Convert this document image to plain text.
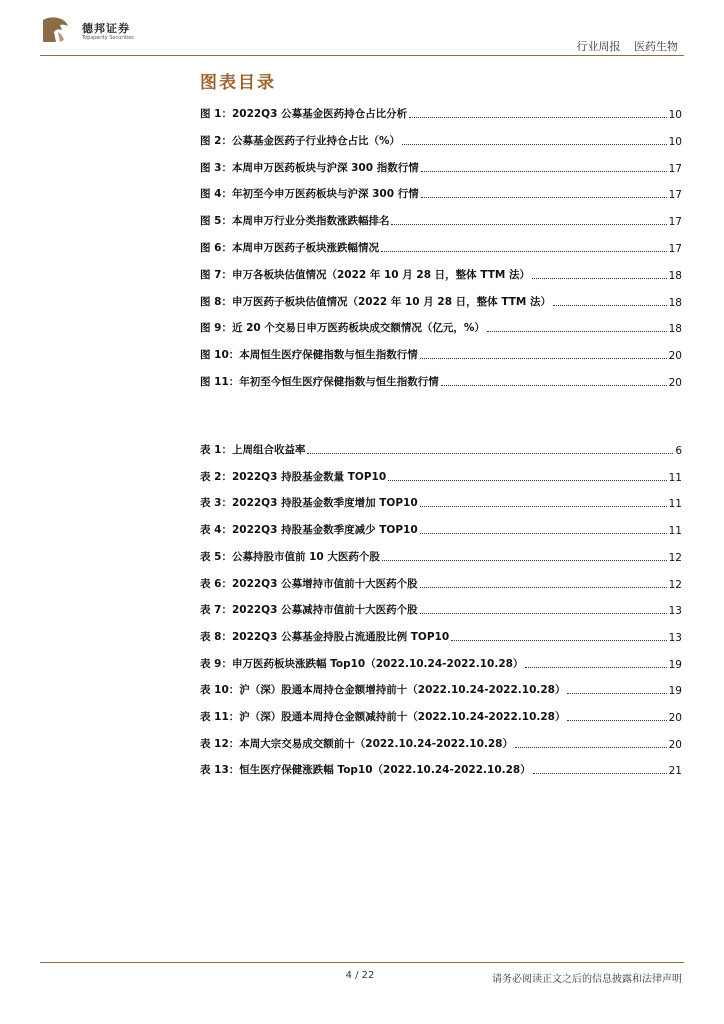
德邦证券
Topsperity Securities
行业周报 医药生物
图表目录
图 1：2022Q3 公募基金医药持仓占比分析	10
图 2：公募基金医药子行业持仓占比（%）	10
图 3：本周申万医药板块与沪深 300 指数行情	17
图 4：年初至今申万医药板块与沪深 300 行情	17
图 5：本周申万行业分类指数涨跌幅排名	17
图 6：本周申万医药子板块涨跌幅情况	17
图 7：申万各板块估值情况（2022 年 10 月 28 日，整体 TTM 法）	18
图 8：申万医药子板块估值情况（2022 年 10 月 28 日，整体 TTM 法）	18
图 9：近 20 个交易日申万医药板块成交额情况（亿元，%）	18
图 10：本周恒生医疗保健指数与恒生指数行情	20
图 11：年初至今恒生医疗保健指数与恒生指数行情	20
表 1：上周组合收益率	6
表 2：2022Q3 持股基金数量 TOP10	11
表 3：2022Q3 持股基金数季度增加 TOP10	11
表 4：2022Q3 持股基金数季度减少 TOP10	11
表 5：公募持股市值前 10 大医药个股	12
表 6：2022Q3 公募增持市值前十大医药个股	12
表 7：2022Q3 公募减持市值前十大医药个股	13
表 8：2022Q3 公募基金持股占流通股比例 TOP10	13
表 9：申万医药板块涨跌幅 Top10（2022.10.24-2022.10.28）	19
表 10：沪（深）股通本周持仓金额增持前十（2022.10.24-2022.10.28）	19
表 11：沪（深）股通本周持仓金额减持前十（2022.10.24-2022.10.28）	20
表 12：本周大宗交易成交额前十（2022.10.24-2022.10.28）	20
表 13：恒生医疗保健涨跌幅 Top10（2022.10.24-2022.10.28）	21
4 / 22	请务必阅读正文之后的信息披露和法律声明
